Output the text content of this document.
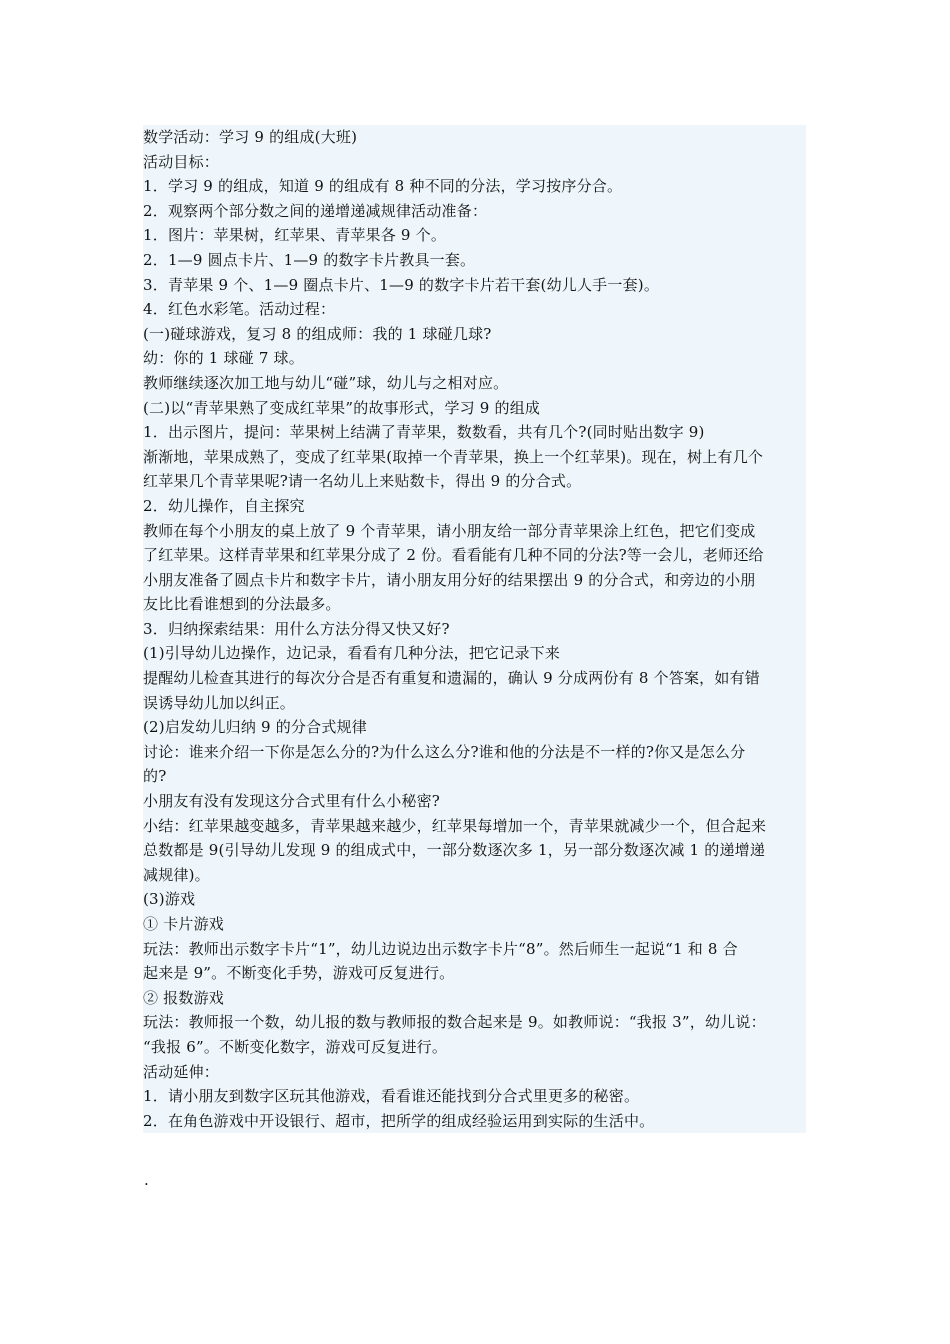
数学活动：学习 9 的组成(大班)
活动目标：
1．学习 9 的组成，知道 9 的组成有 8 种不同的分法，学习按序分合。
2．观察两个部分数之间的递增递减规律活动准备：
1．图片：苹果树，红苹果、青苹果各 9 个。
2．1—9 圆点卡片、1—9 的数字卡片教具一套。
3．青苹果 9 个、1—9 圈点卡片、1—9 的数字卡片若干套(幼儿人手一套)。
4．红色水彩笔。活动过程：
(一)碰球游戏，复习 8 的组成师：我的 1 球碰几球?
幼：你的 1 球碰 7 球。
教师继续逐次加工地与幼儿“碰”球，幼儿与之相对应。
(二)以“青苹果熟了变成红苹果”的故事形式，学习 9 的组成
1．出示图片，提问：苹果树上结满了青苹果，数数看，共有几个?(同时贴出数字 9)
渐渐地，苹果成熟了，变成了红苹果(取掉一个青苹果，换上一个红苹果)。现在，树上有几个
红苹果几个青苹果呢?请一名幼儿上来贴数卡，得出 9 的分合式。
2．幼儿操作，自主探究
教师在每个小朋友的桌上放了 9 个青苹果，请小朋友给一部分青苹果涂上红色，把它们变成
了红苹果。这样青苹果和红苹果分成了 2 份。看看能有几种不同的分法?等一会儿，老师还给
小朋友准备了圆点卡片和数字卡片，请小朋友用分好的结果摆出 9 的分合式，和旁边的小朋
友比比看谁想到的分法最多。
3．归纳探索结果：用什么方法分得又快又好?
(1)引导幼儿边操作，边记录，看看有几种分法，把它记录下来
提醒幼儿检查其进行的每次分合是否有重复和遗漏的，确认 9 分成两份有 8 个答案，如有错
误诱导幼儿加以纠正。
(2)启发幼儿归纳 9 的分合式规律
讨论：谁来介绍一下你是怎么分的?为什么这么分?谁和他的分法是不一样的?你又是怎么分
的?
小朋友有没有发现这分合式里有什么小秘密?
小结：红苹果越变越多，青苹果越来越少，红苹果每增加一个，青苹果就减少一个，但合起来
总数都是 9(引导幼儿发现 9 的组成式中，一部分数逐次多 1，另一部分数逐次减 1 的递增递
减规律)。
(3)游戏
① 卡片游戏
玩法：教师出示数字卡片“1”，幼儿边说边出示数字卡片“8”。然后师生一起说“1 和 8 合
起来是 9”。不断变化手势，游戏可反复进行。
② 报数游戏
玩法：教师报一个数，幼儿报的数与教师报的数合起来是 9。如教师说：“我报 3”，幼儿说：
“我报 6”。不断变化数字，游戏可反复进行。
活动延伸：
1．请小朋友到数字区玩其他游戏，看看谁还能找到分合式里更多的秘密。
2．在角色游戏中开设银行、超市，把所学的组成经验运用到实际的生活中。
.
